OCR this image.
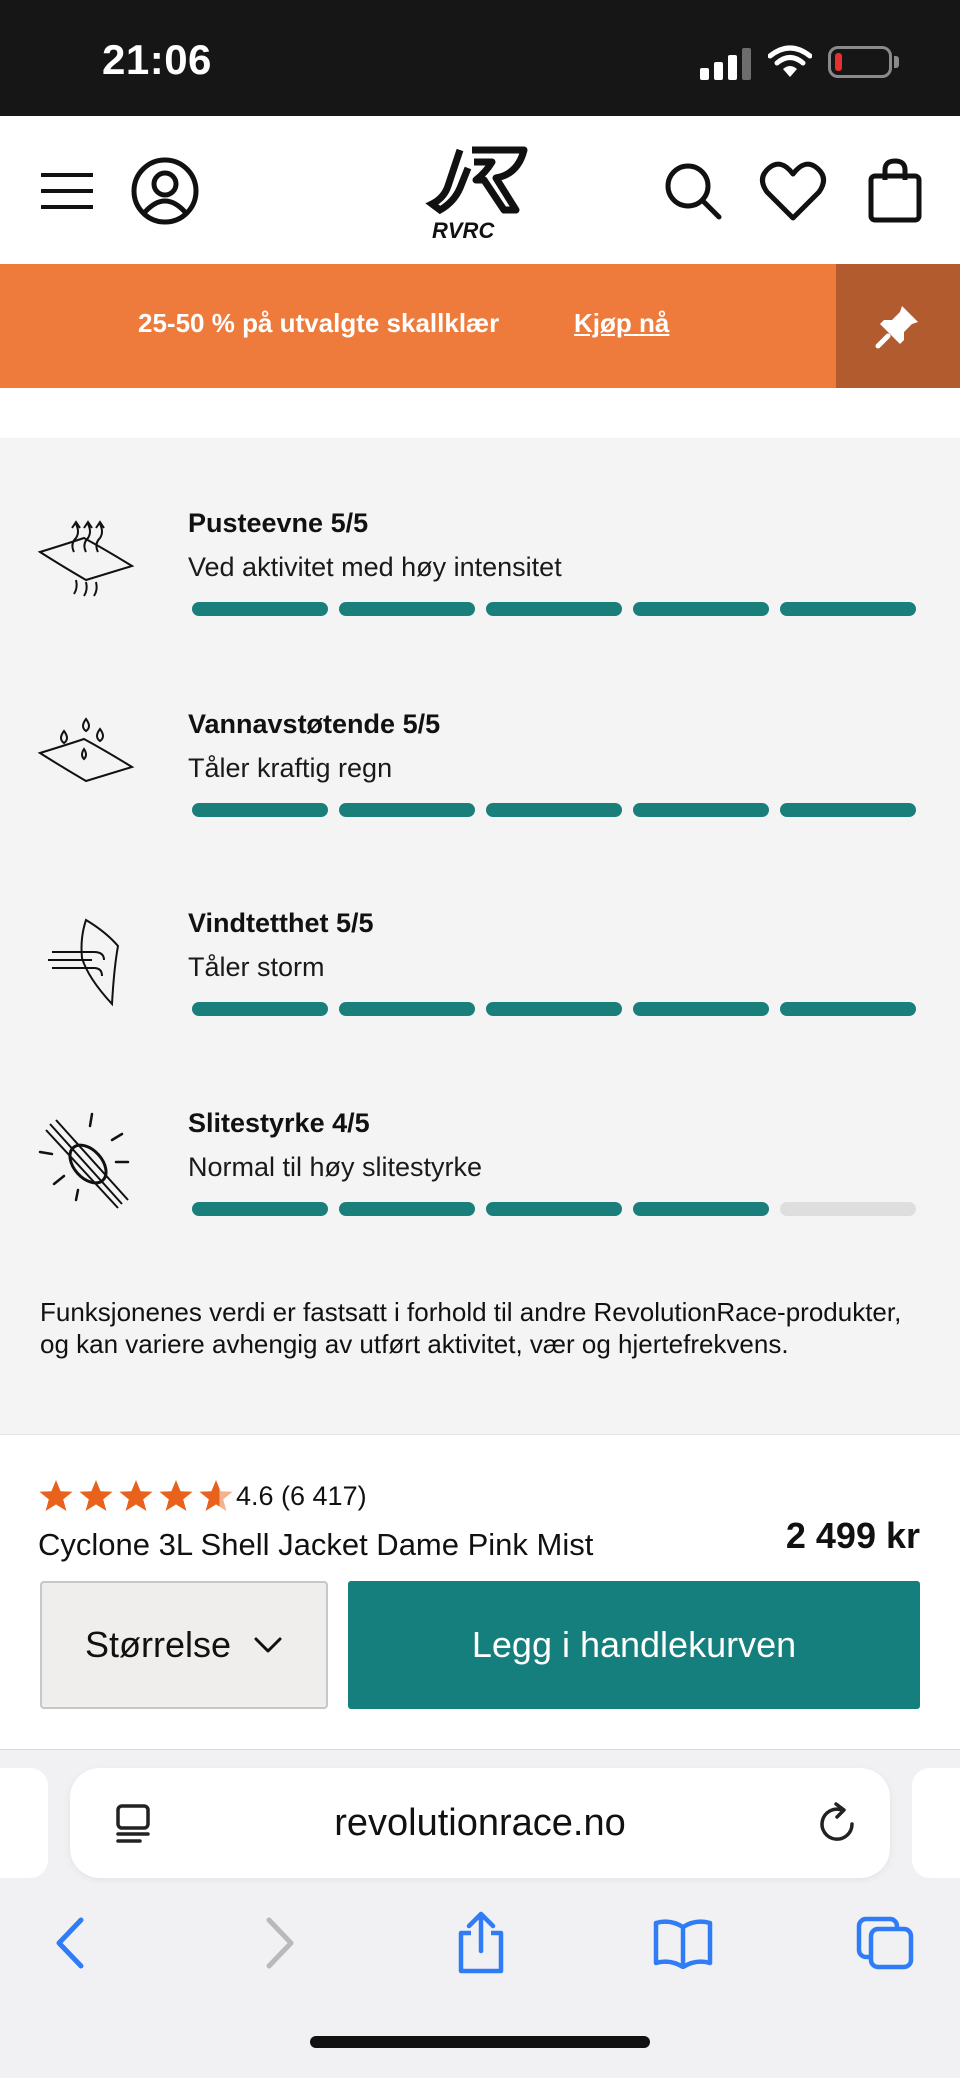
21:06
RVRC
25-50 % på utvalgte skallklær	Kjøp nå
Pusteevne 5/5
Ved aktivitet med høy intensitet
Vannavstøtende 5/5
Tåler kraftig regn
Vindtetthet 5/5
Tåler storm
Slitestyrke 4/5
Normal til høy slitestyrke
Funksjonenes verdi er fastsatt i forhold til andre RevolutionRace-produkter, og kan variere avhengig av utført aktivitet, vær og hjertefrekvens.
4.6 (6 417)
Cyclone 3L Shell Jacket Dame Pink Mist	2 499 kr
Størrelse	Legg i handlekurven
revolutionrace.no
